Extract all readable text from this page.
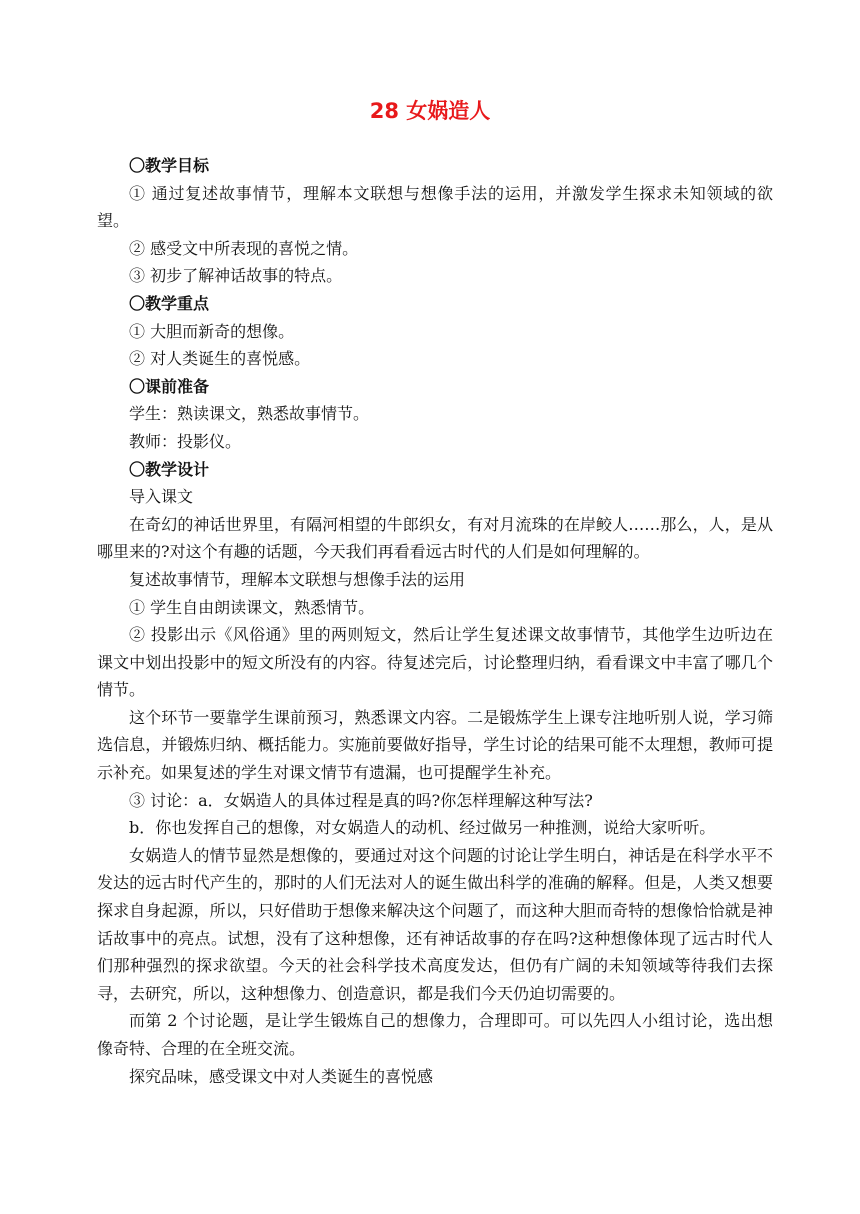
28 女娲造人

〇教学目标

① 通过复述故事情节，理解本文联想与想像手法的运用，并激发学生探求未知领域的欲望。

② 感受文中所表现的喜悦之情。

③ 初步了解神话故事的特点。

〇教学重点

① 大胆而新奇的想像。

② 对人类诞生的喜悦感。

〇课前准备

学生：熟读课文，熟悉故事情节。

教师：投影仪。

〇教学设计

导入课文

在奇幻的神话世界里，有隔河相望的牛郎织女，有对月流珠的在岸鲛人……那么，人，是从哪里来的?对这个有趣的话题，今天我们再看看远古时代的人们是如何理解的。

复述故事情节，理解本文联想与想像手法的运用

① 学生自由朗读课文，熟悉情节。

② 投影出示《风俗通》里的两则短文，然后让学生复述课文故事情节，其他学生边听边在课文中划出投影中的短文所没有的内容。待复述完后，讨论整理归纳，看看课文中丰富了哪几个情节。

这个环节一要靠学生课前预习，熟悉课文内容。二是锻炼学生上课专注地听别人说，学习筛选信息，并锻炼归纳、概括能力。实施前要做好指导，学生讨论的结果可能不太理想，教师可提示补充。如果复述的学生对课文情节有遗漏，也可提醒学生补充。

③ 讨论：a．女娲造人的具体过程是真的吗?你怎样理解这种写法?

b．你也发挥自己的想像，对女娲造人的动机、经过做另一种推测，说给大家听听。

女娲造人的情节显然是想像的，要通过对这个问题的讨论让学生明白，神话是在科学水平不发达的远古时代产生的，那时的人们无法对人的诞生做出科学的准确的解释。但是，人类又想要探求自身起源，所以，只好借助于想像来解决这个问题了，而这种大胆而奇特的想像恰恰就是神话故事中的亮点。试想，没有了这种想像，还有神话故事的存在吗?这种想像体现了远古时代人们那种强烈的探求欲望。今天的社会科学技术高度发达，但仍有广阔的未知领域等待我们去探寻，去研究，所以，这种想像力、创造意识，都是我们今天仍迫切需要的。

而第 2 个讨论题，是让学生锻炼自己的想像力，合理即可。可以先四人小组讨论，选出想像奇特、合理的在全班交流。

探究品味，感受课文中对人类诞生的喜悦感
